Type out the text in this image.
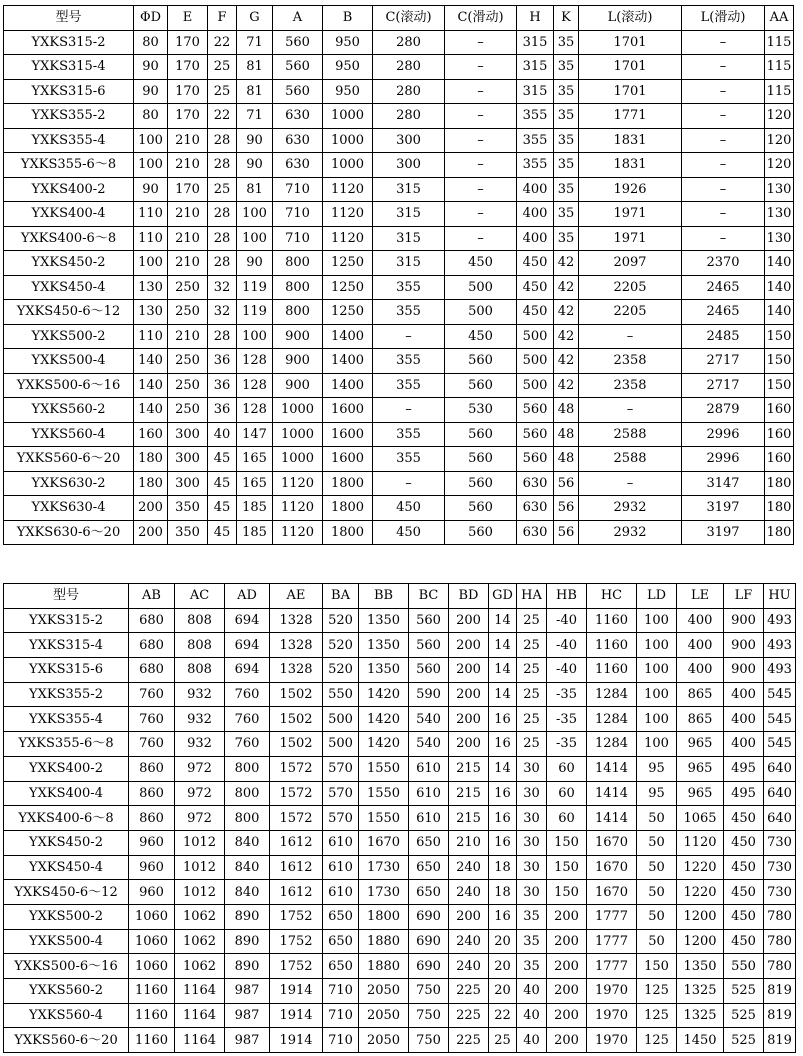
型号	ΦD	E	F	G	A	B	C(滚动)	C(滑动)	H	K	L(滚动)	L(滑动)	AA
YXKS315-2	80	170	22	71	560	950	280	–	315	35	1701	–	115
YXKS315-4	90	170	25	81	560	950	280	–	315	35	1701	–	115
YXKS315-6	90	170	25	81	560	950	280	–	315	35	1701	–	115
YXKS355-2	80	170	22	71	630	1000	280	–	355	35	1771	–	120
YXKS355-4	100	210	28	90	630	1000	300	–	355	35	1831	–	120
YXKS355-6～8	100	210	28	90	630	1000	300	–	355	35	1831	–	120
YXKS400-2	90	170	25	81	710	1120	315	–	400	35	1926	–	130
YXKS400-4	110	210	28	100	710	1120	315	–	400	35	1971	–	130
YXKS400-6～8	110	210	28	100	710	1120	315	–	400	35	1971	–	130
YXKS450-2	100	210	28	90	800	1250	315	450	450	42	2097	2370	140
YXKS450-4	130	250	32	119	800	1250	355	500	450	42	2205	2465	140
YXKS450-6～12	130	250	32	119	800	1250	355	500	450	42	2205	2465	140
YXKS500-2	110	210	28	100	900	1400	–	450	500	42	–	2485	150
YXKS500-4	140	250	36	128	900	1400	355	560	500	42	2358	2717	150
YXKS500-6～16	140	250	36	128	900	1400	355	560	500	42	2358	2717	150
YXKS560-2	140	250	36	128	1000	1600	–	530	560	48	–	2879	160
YXKS560-4	160	300	40	147	1000	1600	355	560	560	48	2588	2996	160
YXKS560-6～20	180	300	45	165	1000	1600	355	560	560	48	2588	2996	160
YXKS630-2	180	300	45	165	1120	1800	–	560	630	56	–	3147	180
YXKS630-4	200	350	45	185	1120	1800	450	560	630	56	2932	3197	180
YXKS630-6～20	200	350	45	185	1120	1800	450	560	630	56	2932	3197	180
型号	AB	AC	AD	AE	BA	BB	BC	BD	GD	HA	HB	HC	LD	LE	LF	HU
YXKS315-2	680	808	694	1328	520	1350	560	200	14	25	-40	1160	100	400	900	493
YXKS315-4	680	808	694	1328	520	1350	560	200	14	25	-40	1160	100	400	900	493
YXKS315-6	680	808	694	1328	520	1350	560	200	14	25	-40	1160	100	400	900	493
YXKS355-2	760	932	760	1502	550	1420	590	200	14	25	-35	1284	100	865	400	545
YXKS355-4	760	932	760	1502	500	1420	540	200	16	25	-35	1284	100	865	400	545
YXKS355-6～8	760	932	760	1502	500	1420	540	200	16	25	-35	1284	100	965	400	545
YXKS400-2	860	972	800	1572	570	1550	610	215	14	30	60	1414	95	965	495	640
YXKS400-4	860	972	800	1572	570	1550	610	215	16	30	60	1414	95	965	495	640
YXKS400-6～8	860	972	800	1572	570	1550	610	215	16	30	60	1414	50	1065	450	640
YXKS450-2	960	1012	840	1612	610	1670	650	210	16	30	150	1670	50	1120	450	730
YXKS450-4	960	1012	840	1612	610	1730	650	240	18	30	150	1670	50	1220	450	730
YXKS450-6～12	960	1012	840	1612	610	1730	650	240	18	30	150	1670	50	1220	450	730
YXKS500-2	1060	1062	890	1752	650	1800	690	200	16	35	200	1777	50	1200	450	780
YXKS500-4	1060	1062	890	1752	650	1880	690	240	20	35	200	1777	50	1200	450	780
YXKS500-6～16	1060	1062	890	1752	650	1880	690	240	20	35	200	1777	150	1350	550	780
YXKS560-2	1160	1164	987	1914	710	2050	750	225	20	40	200	1970	125	1325	525	819
YXKS560-4	1160	1164	987	1914	710	2050	750	225	22	40	200	1970	125	1325	525	819
YXKS560-6～20	1160	1164	987	1914	710	2050	750	225	25	40	200	1970	125	1450	525	819
